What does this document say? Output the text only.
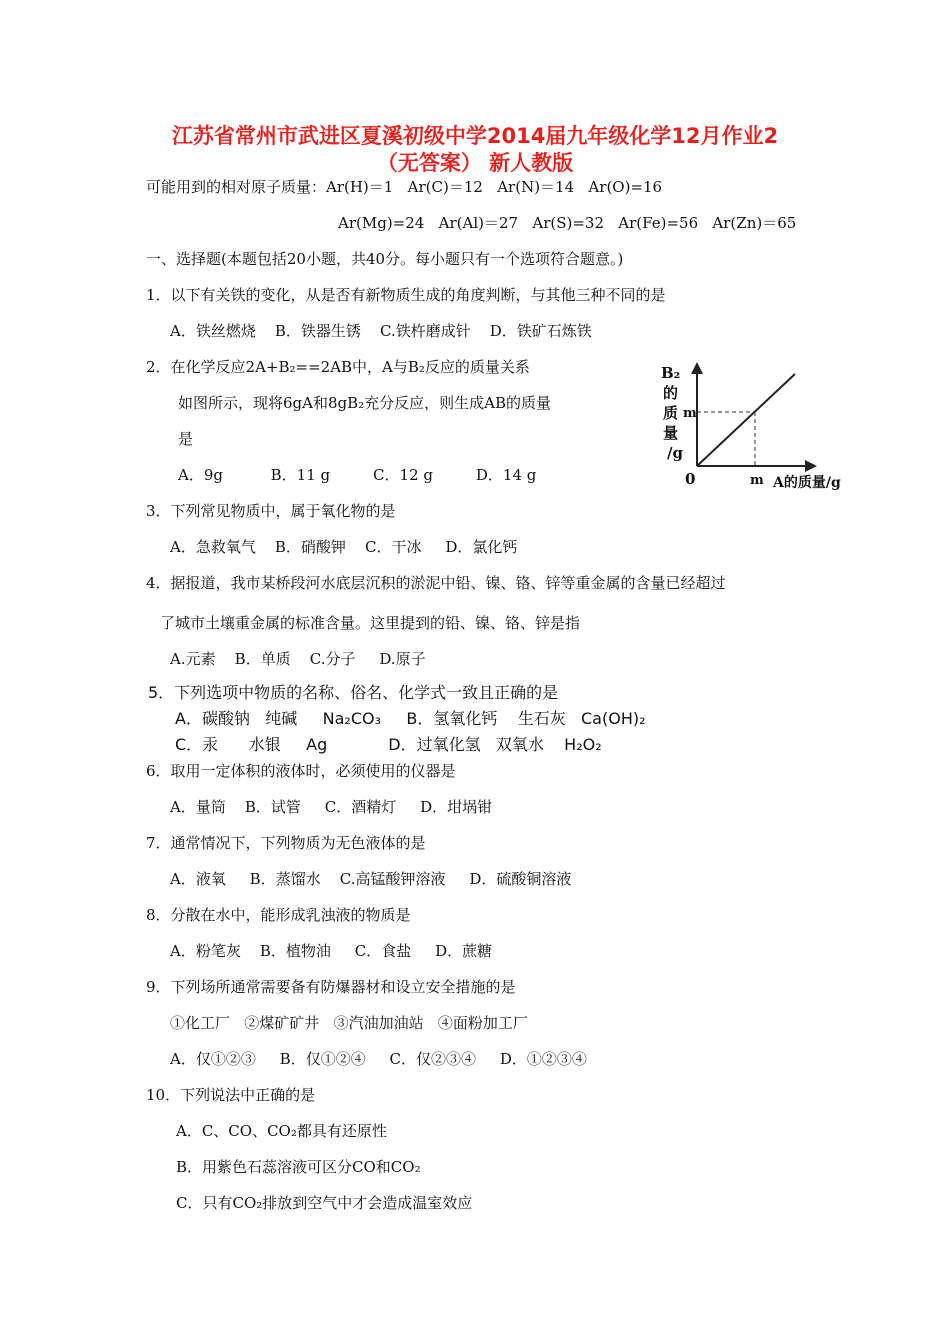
江苏省常州市武进区夏溪初级中学2014届九年级化学12月作业2
（无答案） 新人教版
可能用到的相对原子质量：Ar(H)＝1   Ar(C)＝12   Ar(N)＝14   Ar(O)=16
Ar(Mg)=24   Ar(Al)＝27   Ar(S)=32   Ar(Fe)=56   Ar(Zn)＝65
一、选择题(本题包括20小题，共40分。每小题只有一个选项符合题意。)
1．以下有关铁的变化，从是否有新物质生成的角度判断，与其他三种不同的是
A．铁丝燃烧    B．铁器生锈    C.铁杵磨成针    D．铁矿石炼铁
2．在化学反应2A+B₂==2AB中，A与B₂反应的质量关系
如图所示，现将6gA和8gB₂充分反应，则生成AB的质量
是
A．9g          B．11 g         C．12 g         D．14 g
B₂
的
质
量
/g
m
0	m A的质量/g
3．下列常见物质中，属于氧化物的是
A．急救氧气    B．硝酸钾    C．干冰     D．氯化钙
4．据报道，我市某桥段河水底层沉积的淤泥中铅、镍、铬、锌等重金属的含量已经超过
了城市土壤重金属的标准含量。这里提到的铅、镍、铬、锌是指
A.元素    B．单质    C.分子     D.原子
5．下列选项中物质的名称、俗名、化学式一致且正确的是
A．碳酸钠   纯碱     Na₂CO₃     B．氢氧化钙    生石灰   Ca(OH)₂
C．汞      水银     Ag            D．过氧化氢   双氧水    H₂O₂
6．取用一定体积的液体时，必须使用的仪器是
A．量筒    B．试管     C．酒精灯     D．坩埚钳
7．通常情况下，下列物质为无色液体的是
A．液氧     B．蒸馏水    C.高锰酸钾溶液     D．硫酸铜溶液
8．分散在水中，能形成乳浊液的物质是
A．粉笔灰    B．植物油     C．食盐     D．蔗糖
9．下列场所通常需要备有防爆器材和设立安全措施的是
①化工厂   ②煤矿矿井   ③汽油加油站   ④面粉加工厂
A．仅①②③     B．仅①②④     C．仅②③④     D．①②③④
10．下列说法中正确的是
A．C、CO、CO₂都具有还原性
B．用紫色石蕊溶液可区分CO和CO₂
C．只有CO₂排放到空气中才会造成温室效应
